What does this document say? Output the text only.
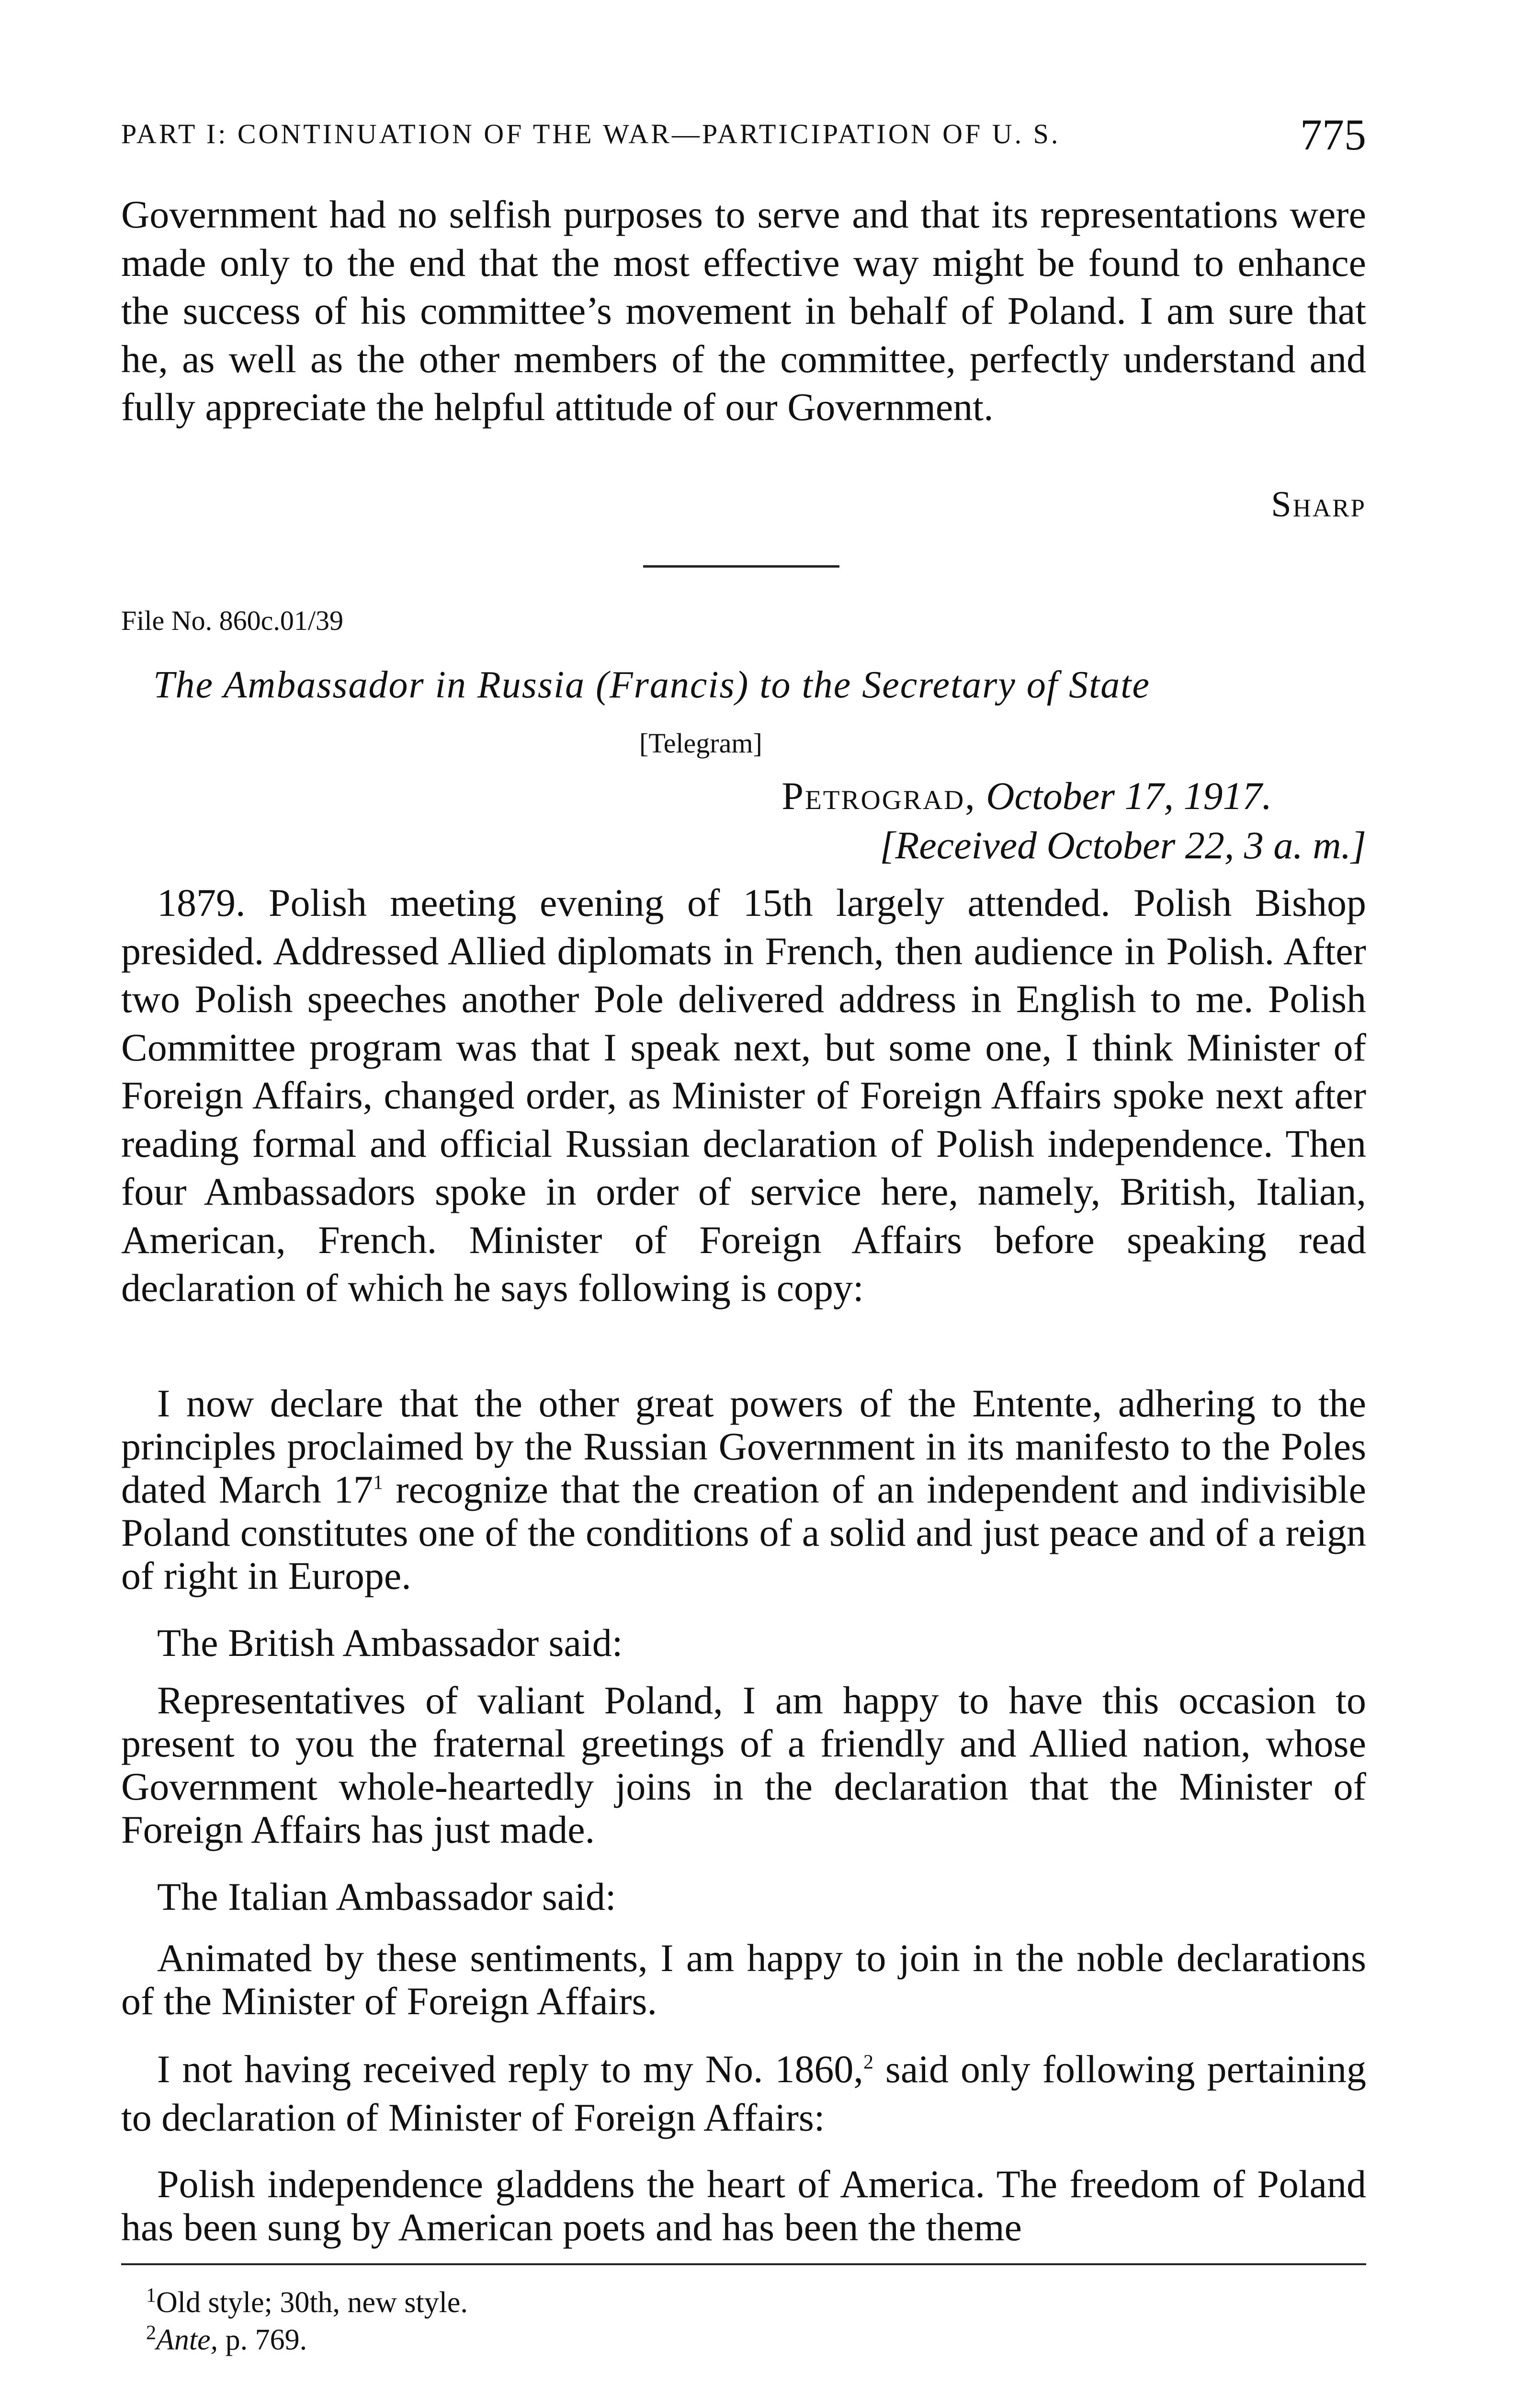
PART I: CONTINUATION OF THE WAR—PARTICIPATION OF U. S.	775
Government had no selfish purposes to serve and that its representations were made only to the end that the most effective way might be found to enhance the success of his committee’s movement in behalf of Poland. I am sure that he, as well as the other members of the committee, perfectly understand and fully appreciate the helpful attitude of our Government.
Sharp
File No. 860c.01/39
The Ambassador in Russia (Francis) to the Secretary of State
[Telegram]
Petrograd, October 17, 1917.
[Received October 22, 3 a. m.]
1879. Polish meeting evening of 15th largely attended. Polish Bishop presided. Addressed Allied diplomats in French, then audience in Polish. After two Polish speeches another Pole delivered address in English to me. Polish Committee program was that I speak next, but some one, I think Minister of Foreign Affairs, changed order, as Minister of Foreign Affairs spoke next after reading formal and official Russian declaration of Polish independence. Then four Ambassadors spoke in order of service here, namely, British, Italian, American, French. Minister of Foreign Affairs before speaking read declaration of which he says following is copy:
I now declare that the other great powers of the Entente, adhering to the principles proclaimed by the Russian Government in its manifesto to the Poles dated March $17^1$ recognize that the creation of an independent and indivisible Poland constitutes one of the conditions of a solid and just peace and of a reign of right in Europe.
The British Ambassador said:
Representatives of valiant Poland, I am happy to have this occasion to present to you the fraternal greetings of a friendly and Allied nation, whose Government whole-heartedly joins in the declaration that the Minister of Foreign Affairs has just made.
The Italian Ambassador said:
Animated by these sentiments, I am happy to join in the noble declarations of the Minister of Foreign Affairs.
I not having received reply to my No. 1860,$^2$ said only following pertaining to declaration of Minister of Foreign Affairs:
Polish independence gladdens the heart of America. The freedom of Poland has been sung by American poets and has been the theme
$^1$Old style; 30th, new style.
$^2$Ante, p. 769.
